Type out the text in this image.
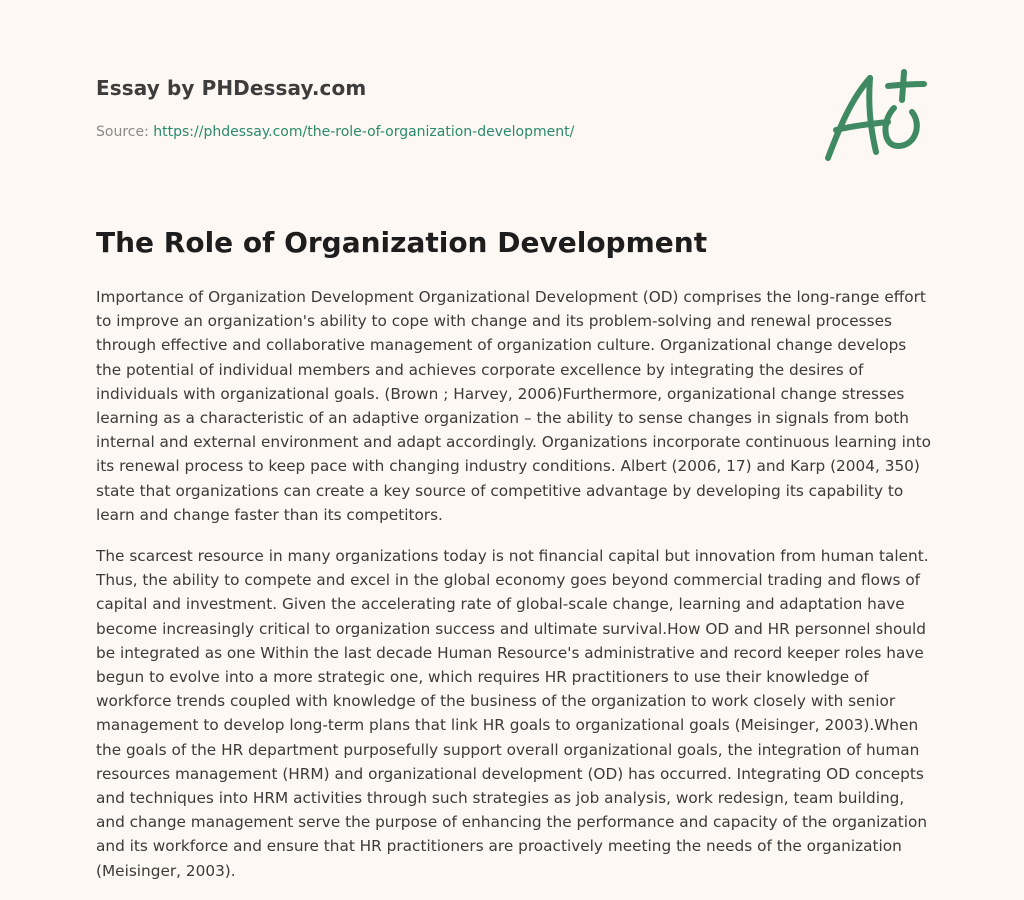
Essay by PHDessay.com
Source: https://phdessay.com/the-role-of-organization-development/
The Role of Organization Development

Importance of Organization Development Organizational Development (OD) comprises the long-range effort to improve an organization's ability to cope with change and its problem-solving and renewal processes through effective and collaborative management of organization culture. Organizational change develops the potential of individual members and achieves corporate excellence by integrating the desires of individuals with organizational goals. (Brown ; Harvey, 2006)Furthermore, organizational change stresses learning as a characteristic of an adaptive organization – the ability to sense changes in signals from both internal and external environment and adapt accordingly. Organizations incorporate continuous learning into its renewal process to keep pace with changing industry conditions. Albert (2006, 17) and Karp (2004, 350) state that organizations can create a key source of competitive advantage by developing its capability to learn and change faster than its competitors.

The scarcest resource in many organizations today is not financial capital but innovation from human talent. Thus, the ability to compete and excel in the global economy goes beyond commercial trading and flows of capital and investment. Given the accelerating rate of global-scale change, learning and adaptation have become increasingly critical to organization success and ultimate survival.How OD and HR personnel should be integrated as one Within the last decade Human Resource's administrative and record keeper roles have begun to evolve into a more strategic one, which requires HR practitioners to use their knowledge of workforce trends coupled with knowledge of the business of the organization to work closely with senior management to develop long-term plans that link HR goals to organizational goals (Meisinger, 2003).When the goals of the HR department purposefully support overall organizational goals, the integration of human resources management (HRM) and organizational development (OD) has occurred. Integrating OD concepts and techniques into HRM activities through such strategies as job analysis, work redesign, team building, and change management serve the purpose of enhancing the performance and capacity of the organization and its workforce and ensure that HR practitioners are proactively meeting the needs of the organization (Meisinger, 2003).
